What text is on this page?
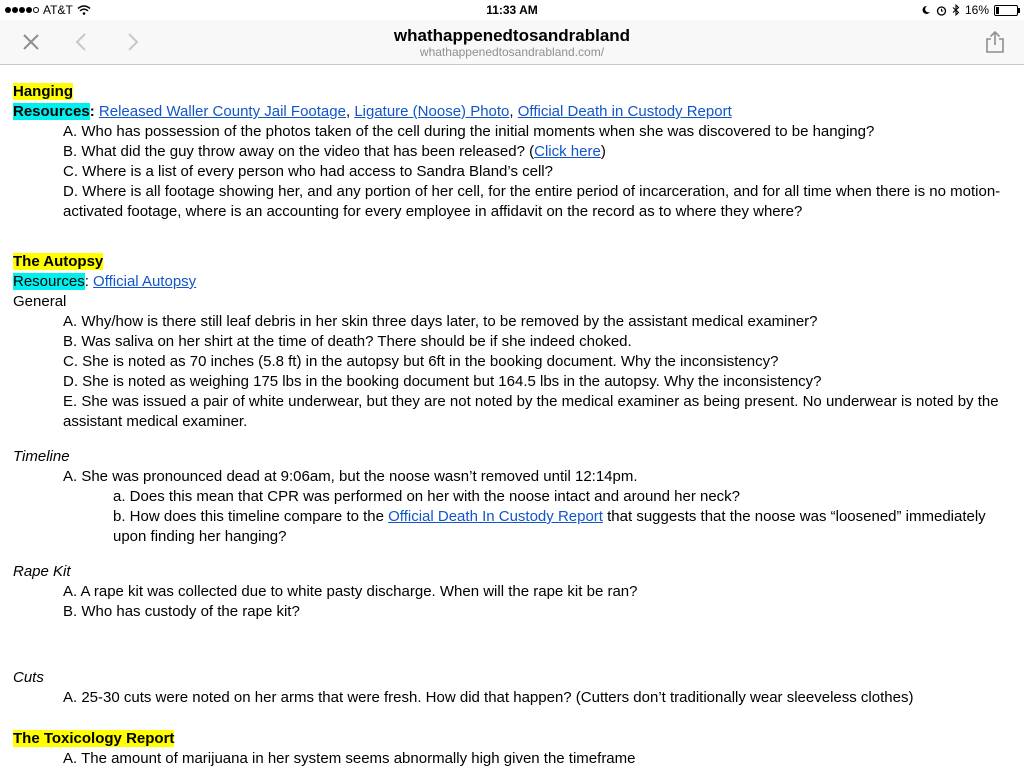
AT&T	11:33 AM	16%
whathappenedtosandrabland
whathappenedtosandrabland.com/
Hanging
Resources: Released Waller County Jail Footage, Ligature (Noose) Photo, Official Death in Custody Report
A. Who has possession of the photos taken of the cell during the initial moments when she was discovered to be hanging?
B. What did the guy throw away on the video that has been released? (Click here)
C. Where is a list of every person who had access to Sandra Bland’s cell?
D. Where is all footage showing her, and any portion of her cell, for the entire period of incarceration, and for all time when there is no motion-activated footage, where is an accounting for every employee in affidavit on the record as to where they where?
The Autopsy
Resources: Official Autopsy
General
A. Why/how is there still leaf debris in her skin three days later, to be removed by the assistant medical examiner?
B. Was saliva on her shirt at the time of death? There should be if she indeed choked.
C. She is noted as 70 inches (5.8 ft) in the autopsy but 6ft in the booking document. Why the inconsistency?
D. She is noted as weighing 175 lbs in the booking document but 164.5 lbs in the autopsy. Why the inconsistency?
E. She was issued a pair of white underwear, but they are not noted by the medical examiner as being present. No underwear is noted by the assistant medical examiner.
Timeline
A. She was pronounced dead at 9:06am, but the noose wasn’t removed until 12:14pm.
a. Does this mean that CPR was performed on her with the noose intact and around her neck?
b. How does this timeline compare to the Official Death In Custody Report that suggests that the noose was “loosened” immediately upon finding her hanging?
Rape Kit
A. A rape kit was collected due to white pasty discharge. When will the rape kit be ran?
B. Who has custody of the rape kit?
Cuts
A. 25-30 cuts were noted on her arms that were fresh. How did that happen? (Cutters don’t traditionally wear sleeveless clothes)
The Toxicology Report
A. The amount of marijuana in her system seems abnormally high given the timeframe
